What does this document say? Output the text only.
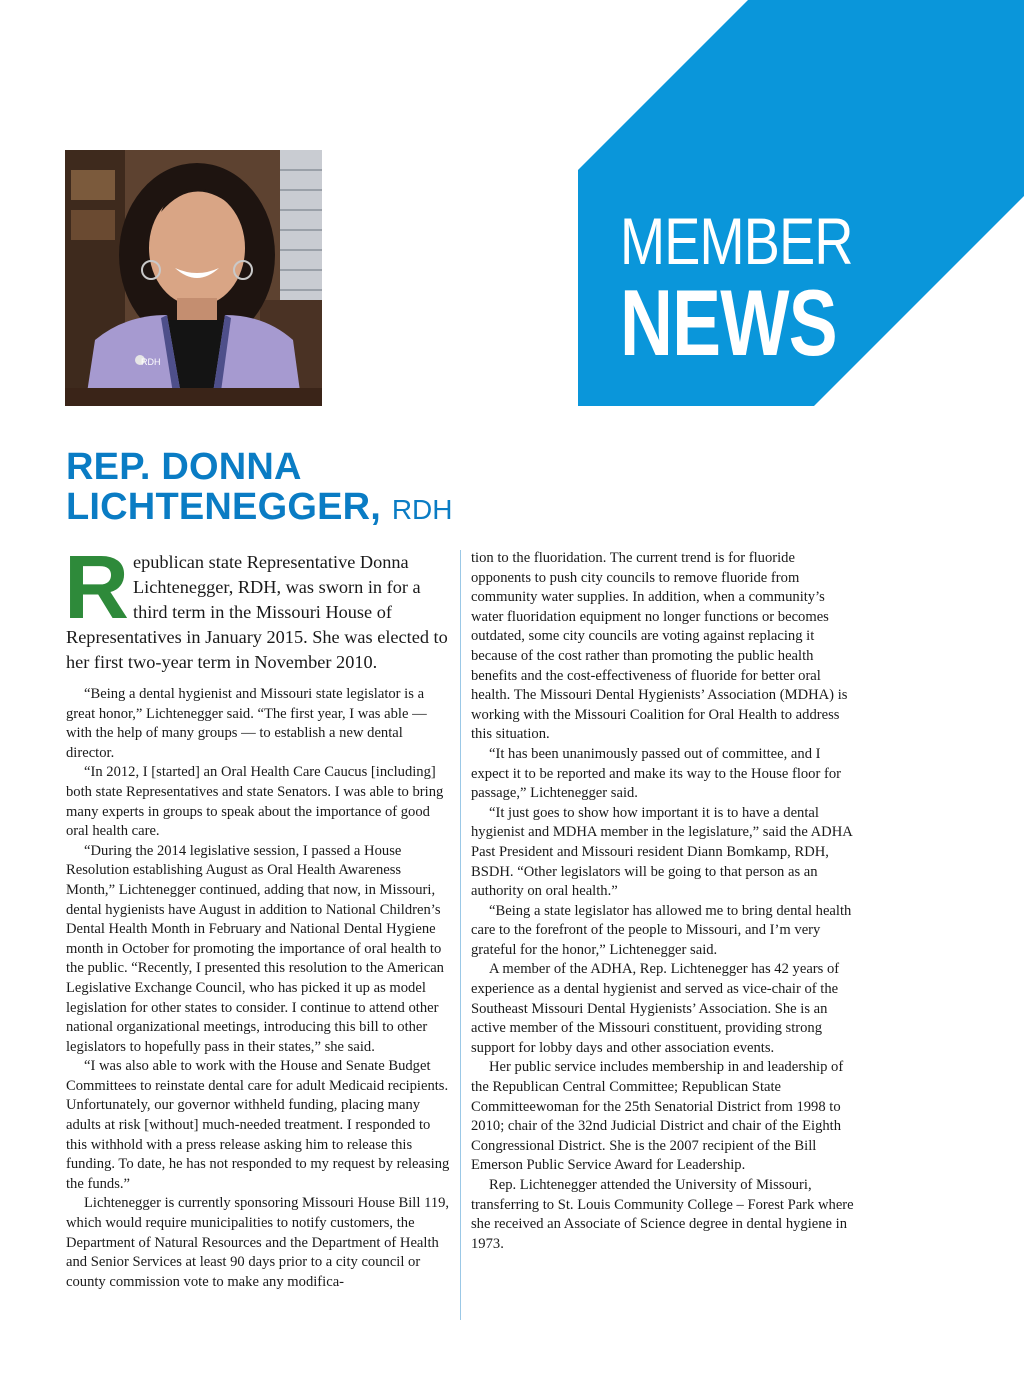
MEMBER
NEWS
RDH
REP. DONNA
LICHTENEGGER, RDH

Republican state Representative Donna Lichtenegger, RDH, was sworn in for a third term in the Missouri House of Representatives in January 2015. She was elected to her first two-year term in November 2010.

“Being a dental hygienist and Missouri state legislator is a great honor,” Lichtenegger said. “The first year, I was able — with the help of many groups — to establish a new dental director.

“In 2012, I [started] an Oral Health Care Caucus [including] both state Representatives and state Senators. I was able to bring many experts in groups to speak about the importance of good oral health care.

“During the 2014 legislative session, I passed a House Resolution establishing August as Oral Health Awareness Month,” Lichtenegger continued, adding that now, in Missouri, dental hygienists have August in addition to National Children’s Dental Health Month in February and National Dental Hygiene month in October for promoting the importance of oral health to the public. “Recently, I presented this resolution to the American Legislative Exchange Council, who has picked it up as model legislation for other states to consider. I continue to attend other national organizational meetings, introducing this bill to other legislators to hopefully pass in their states,” she said.

“I was also able to work with the House and Senate Budget Committees to reinstate dental care for adult Medicaid recipients. Unfortunately, our governor withheld funding, placing many adults at risk [without] much-needed treatment. I responded to this withhold with a press release asking him to release this funding. To date, he has not responded to my request by releasing the funds.”

Lichtenegger is currently sponsoring Missouri House Bill 119, which would require municipalities to notify customers, the Department of Natural Resources and the Department of Health and Senior Services at least 90 days prior to a city council or county commission vote to make any modifica-

tion to the fluoridation. The current trend is for fluoride opponents to push city councils to remove fluoride from community water supplies. In addition, when a community’s water fluoridation equipment no longer functions or becomes outdated, some city councils are voting against replacing it because of the cost rather than promoting the public health benefits and the cost-effectiveness of fluoride for better oral health. The Missouri Dental Hygienists’ Association (MDHA) is working with the Missouri Coalition for Oral Health to address this situation.

“It has been unanimously passed out of committee, and I expect it to be reported and make its way to the House floor for passage,” Lichtenegger said.

“It just goes to show how important it is to have a dental hygienist and MDHA member in the legislature,” said the ADHA Past President and Missouri resident Diann Bomkamp, RDH, BSDH. “Other legislators will be going to that person as an authority on oral health.”

“Being a state legislator has allowed me to bring dental health care to the forefront of the people to Missouri, and I’m very grateful for the honor,” Lichtenegger said.

A member of the ADHA, Rep. Lichtenegger has 42 years of experience as a dental hygienist and served as vice-chair of the Southeast Missouri Dental Hygienists’ Association. She is an active member of the Missouri constituent, providing strong support for lobby days and other association events.

Her public service includes membership in and leadership of the Republican Central Committee; Republican State Committeewoman for the 25th Senatorial District from 1998 to 2010; chair of the 32nd Judicial District and chair of the Eighth Congressional District. She is the 2007 recipient of the Bill Emerson Public Service Award for Leadership.

Rep. Lichtenegger attended the University of Missouri, transferring to St. Louis Community College – Forest Park where she received an Associate of Science degree in dental hygiene in 1973.
